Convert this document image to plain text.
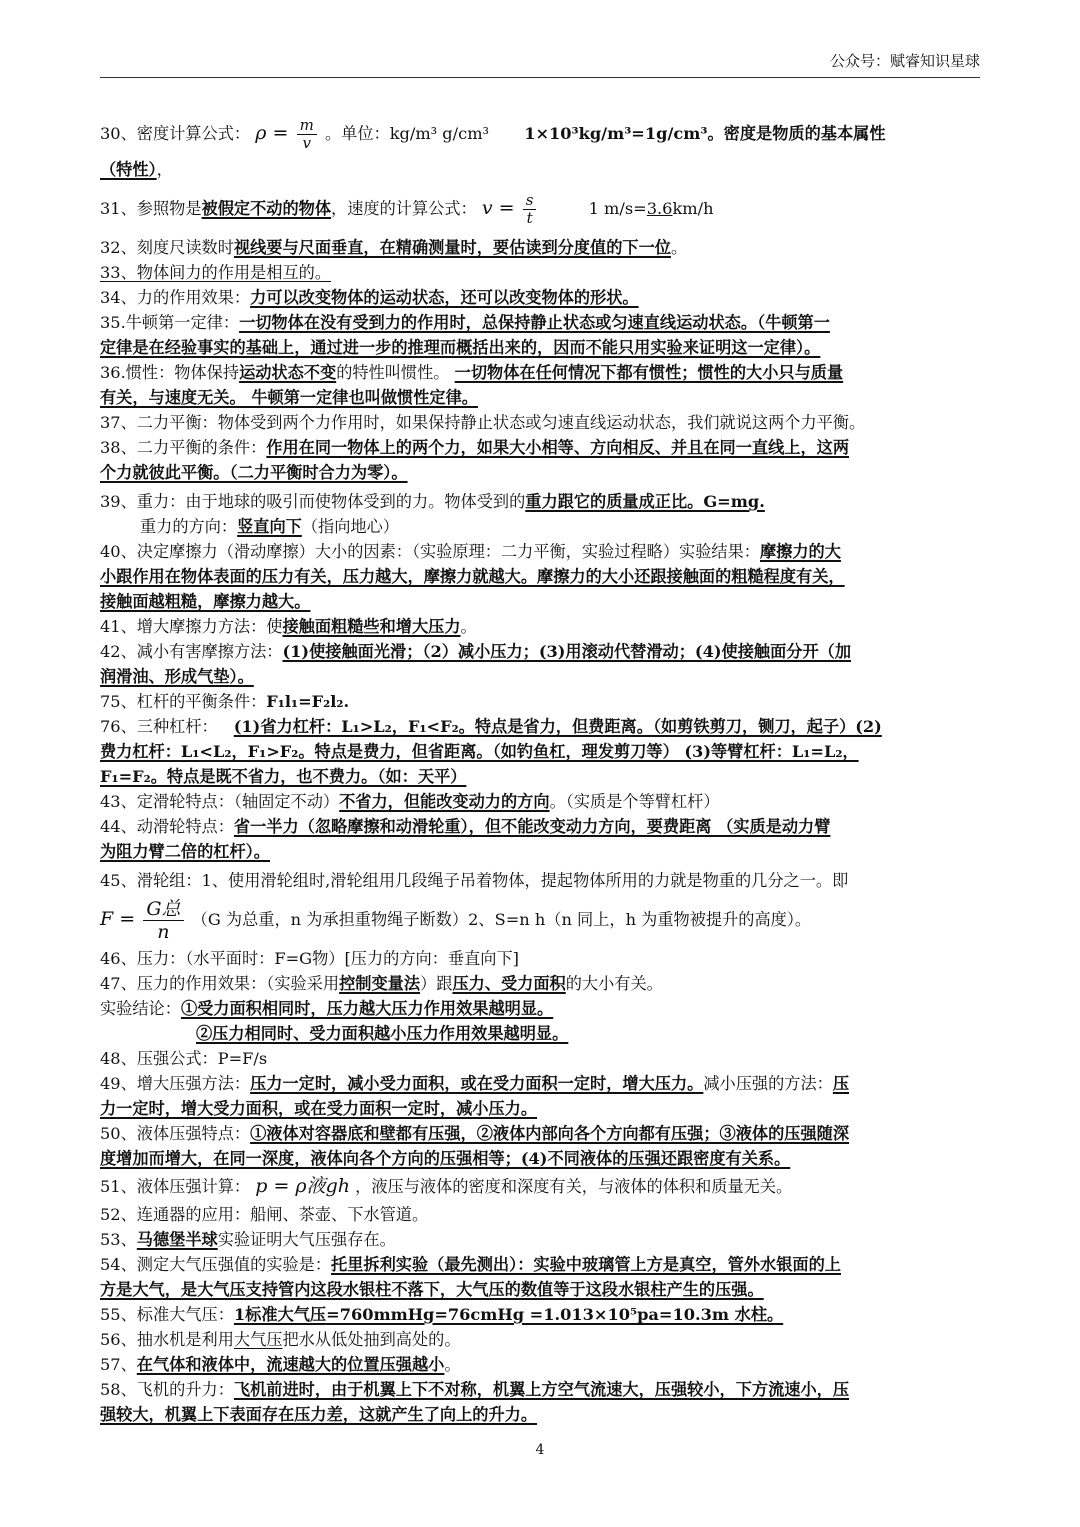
公众号：赋睿知识星球
30、密度计算公式： $\rho = \frac{m}{v}$ 。单位：kg/m³ g/cm³ 1×10³kg/m³=1g/cm³。密度是物质的基本属性
（特性），
31、参照物是被假定不动的物体，速度的计算公式： $v = \frac{s}{t}$	1 m/s=3.6km/h
32、刻度尺读数时视线要与尺面垂直，在精确测量时，要估读到分度值的下一位。
33、物体间力的作用是相互的。
34、力的作用效果：力可以改变物体的运动状态，还可以改变物体的形状。
35.牛顿第一定律：一切物体在没有受到力的作用时，总保持静止状态或匀速直线运动状态。（牛顿第一
定律是在经验事实的基础上，通过进一步的推理而概括出来的，因而不能只用实验来证明这一定律）。
36.惯性：物体保持运动状态不变的特性叫惯性。 一切物体在任何情况下都有惯性；惯性的大小只与质量
有关，与速度无关。 牛顿第一定律也叫做惯性定律。
37、二力平衡：物体受到两个力作用时，如果保持静止状态或匀速直线运动状态，我们就说这两个力平衡。
38、二力平衡的条件：作用在同一物体上的两个力，如果大小相等、方向相反、并且在同一直线上，这两
个力就彼此平衡。（二力平衡时合力为零）。
39、重力：由于地球的吸引而使物体受到的力。物体受到的重力跟它的质量成正比。G=mg.
重力的方向：竖直向下（指向地心）
40、决定摩擦力（滑动摩擦）大小的因素：（实验原理：二力平衡，实验过程略）实验结果：摩擦力的大
小跟作用在物体表面的压力有关，压力越大，摩擦力就越大。摩擦力的大小还跟接触面的粗糙程度有关，
接触面越粗糙，摩擦力越大。
41、增大摩擦力方法：使接触面粗糙些和增大压力。
42、减小有害摩擦方法：(1)使接触面光滑；（2）减小压力；(3)用滚动代替滑动；(4)使接触面分开（加
润滑油、形成气垫）。
75、杠杆的平衡条件：F₁l₁=F₂l₂.
76、三种杠杆： (1)省力杠杆：L₁>L₂，F₁<F₂。特点是省力，但费距离。（如剪铁剪刀，铡刀，起子）(2)
费力杠杆：L₁<L₂，F₁>F₂。特点是费力，但省距离。（如钓鱼杠，理发剪刀等） (3)等臂杠杆：L₁=L₂，
F₁=F₂。特点是既不省力，也不费力。（如：天平）
43、定滑轮特点：（轴固定不动）不省力，但能改变动力的方向。（实质是个等臂杠杆）
44、动滑轮特点：省一半力（忽略摩擦和动滑轮重），但不能改变动力方向，要费距离 （实质是动力臂
为阻力臂二倍的杠杆）。
45、滑轮组：1、使用滑轮组时,滑轮组用几段绳子吊着物体，提起物体所用的力就是物重的几分之一。即
$F = \frac{\text{G总}}{n} (G$ 为总重，n 为承担重物绳子断数）2、S=n h（n 同上，h 为重物被提升的高度）。
46、压力：（水平面时：F=G物）[压力的方向：垂直向下]
47、压力的作用效果：（实验采用控制变量法）跟压力、受力面积的大小有关。
实验结论：①受力面积相同时，压力越大压力作用效果越明显。
②压力相同时、受力面积越小压力作用效果越明显。
48、压强公式：P=F/s
49、增大压强方法：压力一定时，减小受力面积，或在受力面积一定时，增大压力。减小压强的方法：压
力一定时，增大受力面积，或在受力面积一定时，减小压力。
50、液体压强特点：①液体对容器底和壁都有压强，②液体内部向各个方向都有压强；③液体的压强随深
度增加而增大，在同一深度，液体向各个方向的压强相等；(4)不同液体的压强还跟密度有关系。
51、液体压强计算： p = ρ液gh ，液压与液体的密度和深度有关，与液体的体积和质量无关。
52、连通器的应用：船闸、茶壶、下水管道。
53、马德堡半球实验证明大气压强存在。
54、测定大气压强值的实验是：托里拆利实验（最先测出）：实验中玻璃管上方是真空，管外水银面的上
方是大气，是大气压支持管内这段水银柱不落下，大气压的数值等于这段水银柱产生的压强。
55、标准大气压：1标准大气压=760mmHg=76cmHg =1.013×10⁵pa=10.3m 水柱。
56、抽水机是利用大气压把水从低处抽到高处的。
57、在气体和液体中，流速越大的位置压强越小。
58、飞机的升力：飞机前进时，由于机翼上下不对称，机翼上方空气流速大，压强较小，下方流速小，压
强较大，机翼上下表面存在压力差，这就产生了向上的升力。
4
